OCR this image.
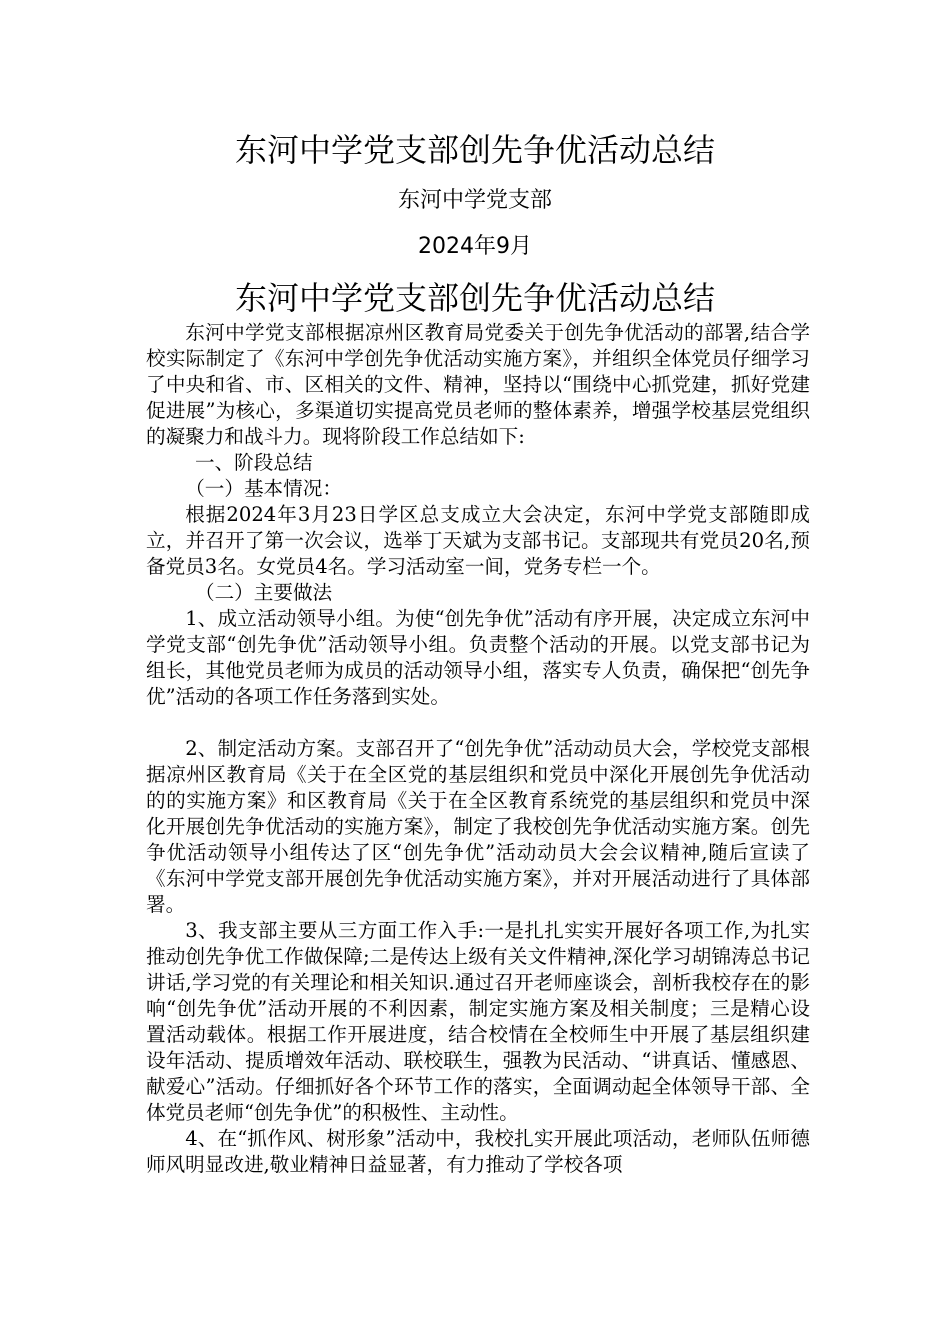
东河中学党支部创先争优活动总结
东河中学党支部
2024年9月
东河中学党支部创先争优活动总结

东河中学党支部根据凉州区教育局党委关于创先争优活动的部署,结合学校实际制定了《东河中学创先争优活动实施方案》，并组织全体党员仔细学习了中央和省、市、区相关的文件、精神，坚持以“围绕中心抓党建，抓好党建促进展”为核心，多渠道切实提高党员老师的整体素养，增强学校基层党组织的凝聚力和战斗力。现将阶段工作总结如下:

一、阶段总结

（一）基本情况：

根据2024年3月23日学区总支成立大会决定，东河中学党支部随即成立，并召开了第一次会议，选举丁天斌为支部书记。支部现共有党员20名,预备党员3名。女党员4名。学习活动室一间，党务专栏一个。

（二）主要做法

1、成立活动领导小组。为使“创先争优”活动有序开展，决定成立东河中学党支部“创先争优”活动领导小组。负责整个活动的开展。以党支部书记为组长，其他党员老师为成员的活动领导小组，落实专人负责，确保把“创先争优”活动的各项工作任务落到实处。

2、制定活动方案。支部召开了“创先争优”活动动员大会，学校党支部根据凉州区教育局《关于在全区党的基层组织和党员中深化开展创先争优活动的的实施方案》和区教育局《关于在全区教育系统党的基层组织和党员中深化开展创先争优活动的实施方案》，制定了我校创先争优活动实施方案。创先争优活动领导小组传达了区“创先争优”活动动员大会会议精神,随后宣读了《东河中学党支部开展创先争优活动实施方案》，并对开展活动进行了具体部署。

3、我支部主要从三方面工作入手:一是扎扎实实开展好各项工作,为扎实推动创先争优工作做保障;二是传达上级有关文件精神,深化学习胡锦涛总书记讲话,学习党的有关理论和相关知识.通过召开老师座谈会，剖析我校存在的影响“创先争优”活动开展的不利因素，制定实施方案及相关制度；三是精心设置活动载体。根据工作开展进度，结合校情在全校师生中开展了基层组织建设年活动、提质增效年活动、联校联生，强教为民活动、“讲真话、懂感恩、献爱心”活动。仔细抓好各个环节工作的落实，全面调动起全体领导干部、全体党员老师“创先争优”的积极性、主动性。

4、在“抓作风、树形象”活动中，我校扎实开展此项活动，老师队伍师德师风明显改进,敬业精神日益显著，有力推动了学校各项
